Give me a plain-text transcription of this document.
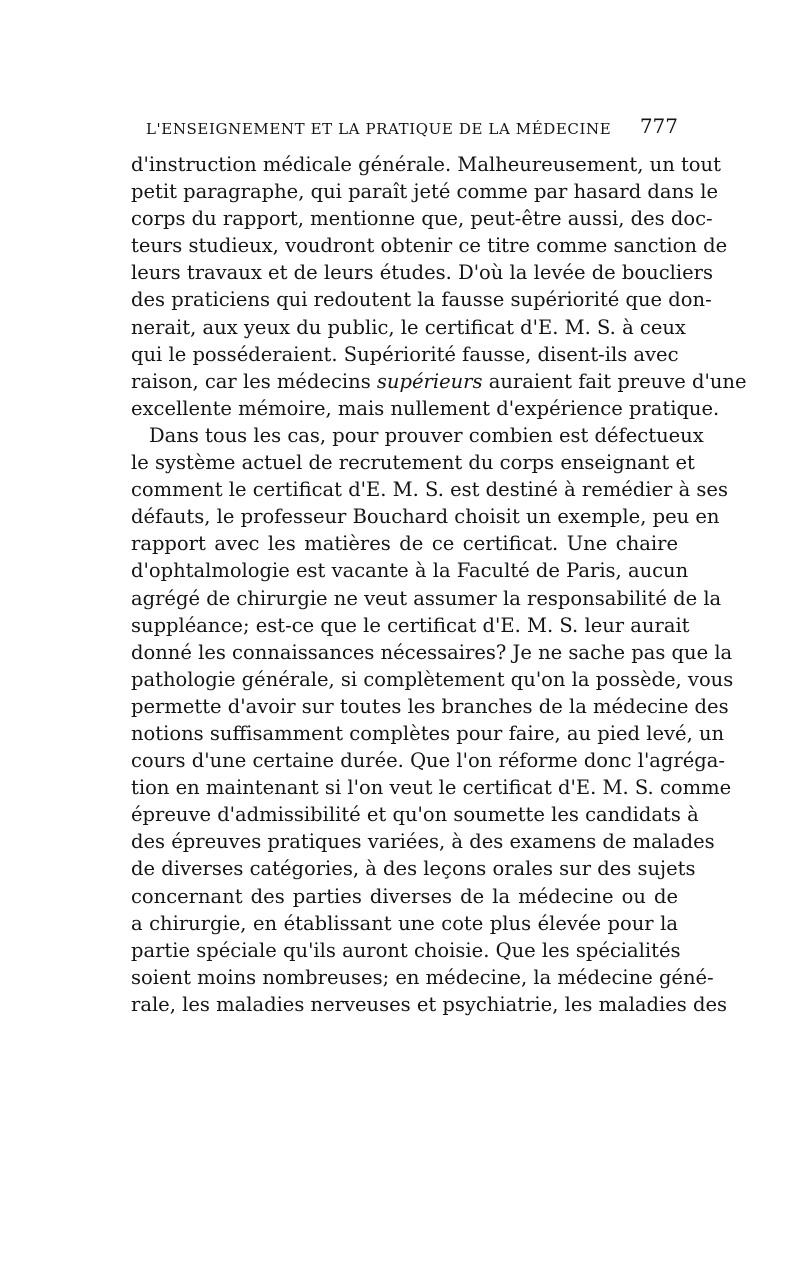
L'ENSEIGNEMENT ET LA PRATIQUE DE LA MÉDECINE 777
d'instruction médicale générale. Malheureusement, un tout
petit paragraphe, qui paraît jeté comme par hasard dans le
corps du rapport, mentionne que, peut-être aussi, des doc-
teurs studieux, voudront obtenir ce titre comme sanction de
leurs travaux et de leurs études. D'où la levée de boucliers
des praticiens qui redoutent la fausse supériorité que don-
nerait, aux yeux du public, le certificat d'E. M. S. à ceux
qui le posséderaient. Supériorité fausse, disent-ils avec
raison, car les médecins supérieurs auraient fait preuve d'une
excellente mémoire, mais nullement d'expérience pratique.
Dans tous les cas, pour prouver combien est défectueux
le système actuel de recrutement du corps enseignant et
comment le certificat d'E. M. S. est destiné à remédier à ses
défauts, le professeur Bouchard choisit un exemple, peu en
rapport avec les matières de ce certificat. Une chaire
d'ophtalmologie est vacante à la Faculté de Paris, aucun
agrégé de chirurgie ne veut assumer la responsabilité de la
suppléance; est-ce que le certificat d'E. M. S. leur aurait
donné les connaissances nécessaires? Je ne sache pas que la
pathologie générale, si complètement qu'on la possède, vous
permette d'avoir sur toutes les branches de la médecine des
notions suffisamment complètes pour faire, au pied levé, un
cours d'une certaine durée. Que l'on réforme donc l'agréga-
tion en maintenant si l'on veut le certificat d'E. M. S. comme
épreuve d'admissibilité et qu'on soumette les candidats à
des épreuves pratiques variées, à des examens de malades
de diverses catégories, à des leçons orales sur des sujets
concernant des parties diverses de la médecine ou de
a chirurgie, en établissant une cote plus élevée pour la
partie spéciale qu'ils auront choisie. Que les spécialités
soient moins nombreuses; en médecine, la médecine géné-
rale, les maladies nerveuses et psychiatrie, les maladies des
